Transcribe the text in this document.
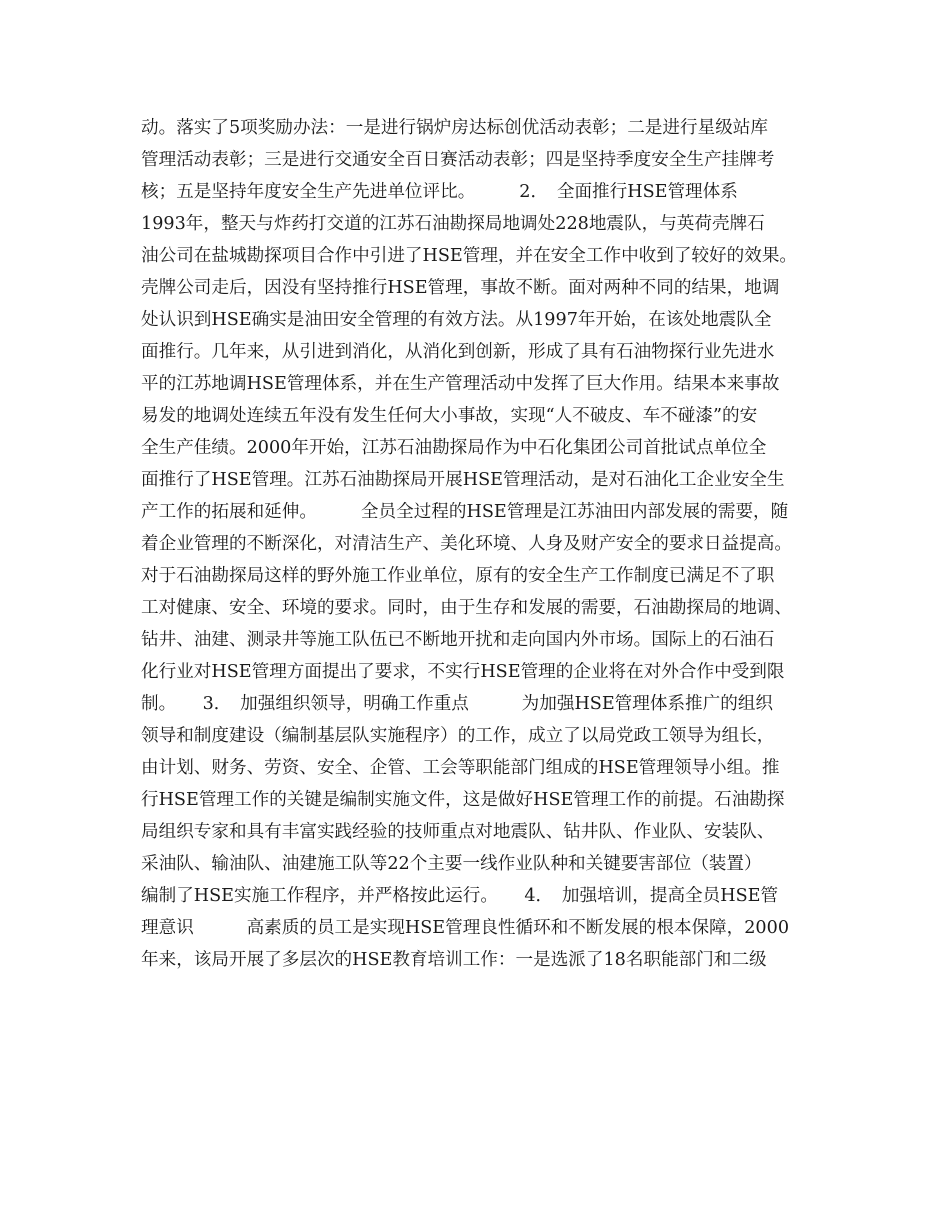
动。落实了5项奖励办法：一是进行锅炉房达标创优活动表彰；二是进行星级站库
管理活动表彰；三是进行交通安全百日赛活动表彰；四是坚持季度安全生产挂牌考
核；五是坚持年度安全生产先进单位评比。　　　2．　全面推行HSE管理体系
1993年，整天与炸药打交道的江苏石油勘探局地调处228地震队，与英荷壳牌石
油公司在盐城勘探项目合作中引进了HSE管理，并在安全工作中收到了较好的效果。
壳牌公司走后，因没有坚持推行HSE管理，事故不断。面对两种不同的结果，地调
处认识到HSE确实是油田安全管理的有效方法。从1997年开始，在该处地震队全
面推行。几年来，从引进到消化，从消化到创新，形成了具有石油物探行业先进水
平的江苏地调HSE管理体系，并在生产管理活动中发挥了巨大作用。结果本来事故
易发的地调处连续五年没有发生任何大小事故，实现“人不破皮、车不碰漆”的安
全生产佳绩。2000年开始，江苏石油勘探局作为中石化集团公司首批试点单位全
面推行了HSE管理。江苏石油勘探局开展HSE管理活动，是对石油化工企业安全生
产工作的拓展和延伸。　　　全员全过程的HSE管理是江苏油田内部发展的需要，随
着企业管理的不断深化，对清洁生产、美化环境、人身及财产安全的要求日益提高。
对于石油勘探局这样的野外施工作业单位，原有的安全生产工作制度已满足不了职
工对健康、安全、环境的要求。同时，由于生存和发展的需要，石油勘探局的地调、
钻井、油建、测录井等施工队伍已不断地开扰和走向国内外市场。国际上的石油石
化行业对HSE管理方面提出了要求，不实行HSE管理的企业将在对外合作中受到限
制。　　3．　加强组织领导，明确工作重点　　　为加强HSE管理体系推广的组织
领导和制度建设（编制基层队实施程序）的工作，成立了以局党政工领导为组长，
由计划、财务、劳资、安全、企管、工会等职能部门组成的HSE管理领导小组。推
行HSE管理工作的关键是编制实施文件，这是做好HSE管理工作的前提。石油勘探
局组织专家和具有丰富实践经验的技师重点对地震队、钻井队、作业队、安装队、
采油队、输油队、油建施工队等22个主要一线作业队种和关键要害部位（装置）
编制了HSE实施工作程序，并严格按此运行。　　4．　加强培训，提高全员HSE管
理意识　　　高素质的员工是实现HSE管理良性循环和不断发展的根本保障，2000
年来，该局开展了多层次的HSE教育培训工作：一是选派了18名职能部门和二级
